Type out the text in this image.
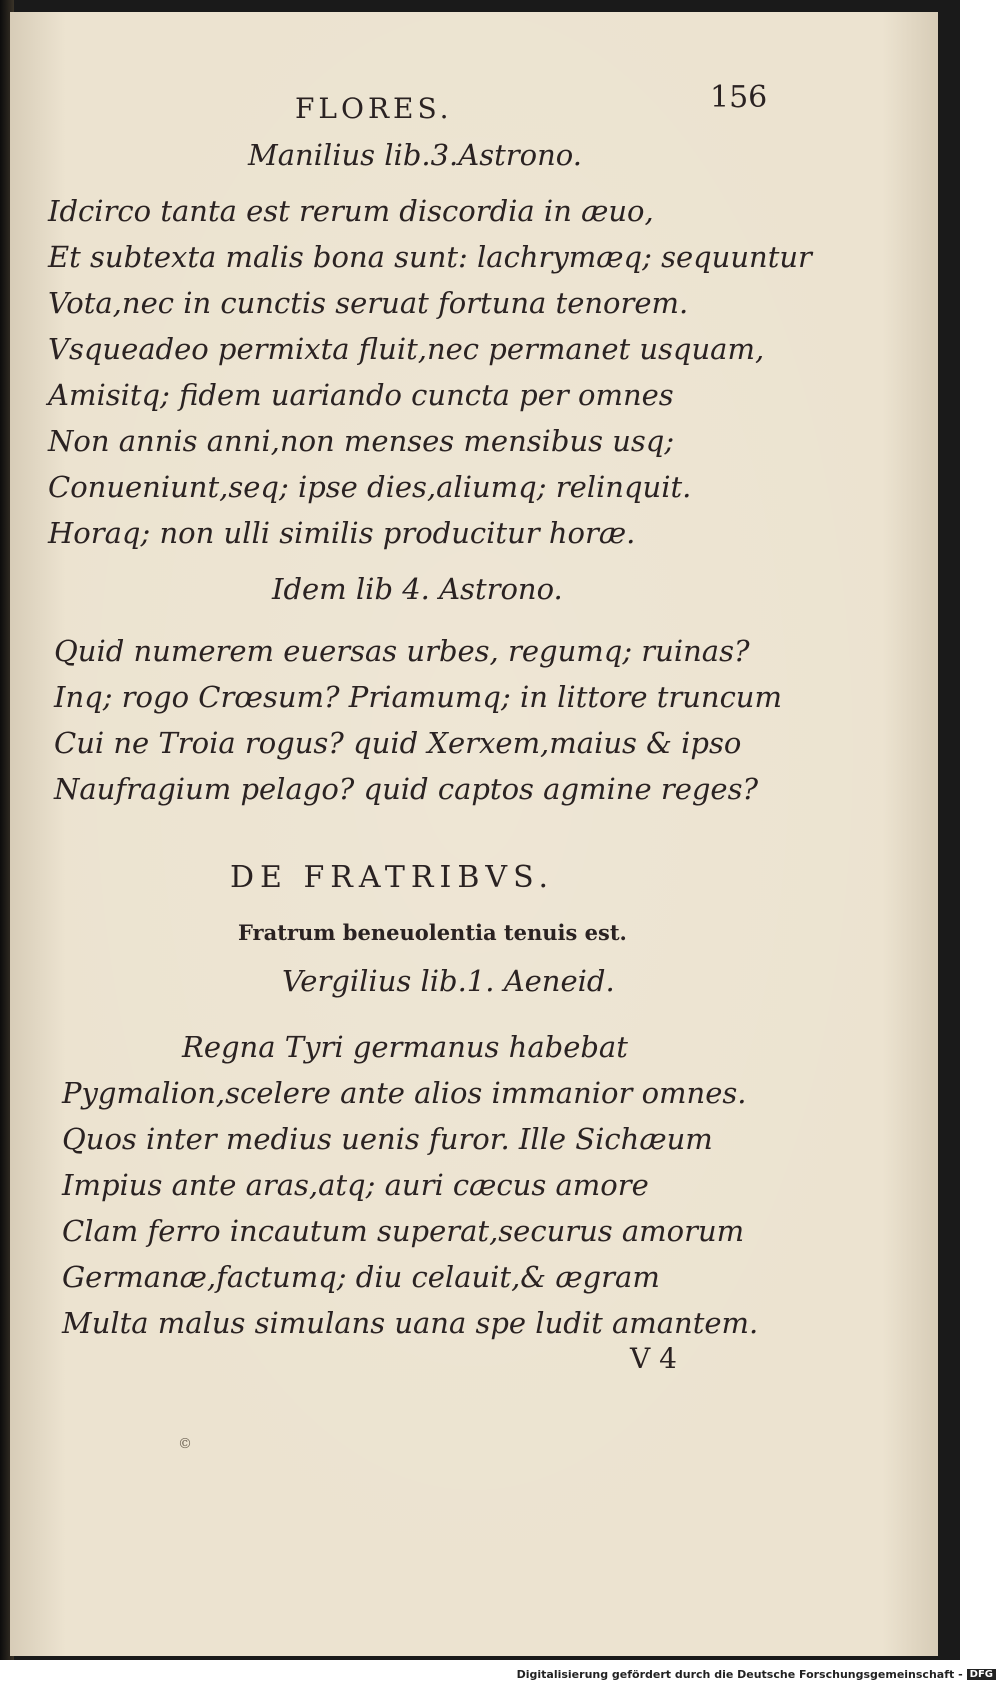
FLORES.	156
Manilius lib.3.Astrono.
Idcirco tanta est rerum discordia in æuo,
Et subtexta malis bona sunt: lachrymæq; sequuntur
Vota,nec in cunctis seruat fortuna tenorem.
Vsqueadeo permixta fluit,nec permanet usquam,
Amisitq; fidem uariando cuncta per omnes
Non annis anni,non menses mensibus usq;
Conueniunt,seq; ipse dies,aliumq; relinquit.
Horaq; non ulli similis producitur horæ.
Idem lib 4. Astrono.
Quid numerem euersas urbes, regumq; ruinas?
Inq; rogo Crœsum? Priamumq; in littore truncum
Cui ne Troia rogus? quid Xerxem,maius & ipso
Naufragium pelago? quid captos agmine reges?
DE FRATRIBVS.
Fratrum beneuolentia tenuis est.
Vergilius lib.1. Aeneid.
Regna Tyri germanus habebat
Pygmalion,scelere ante alios immanior omnes.
Quos inter medius uenis furor. Ille Sichæum
Impius ante aras,atq; auri cæcus amore
Clam ferro incautum superat,securus amorum
Germanæ,factumq; diu celauit,& ægram
Multa malus simulans uana spe ludit amantem.
V 4
©
Digitalisierung gefördert durch die Deutsche Forschungsgemeinschaft - DFG
